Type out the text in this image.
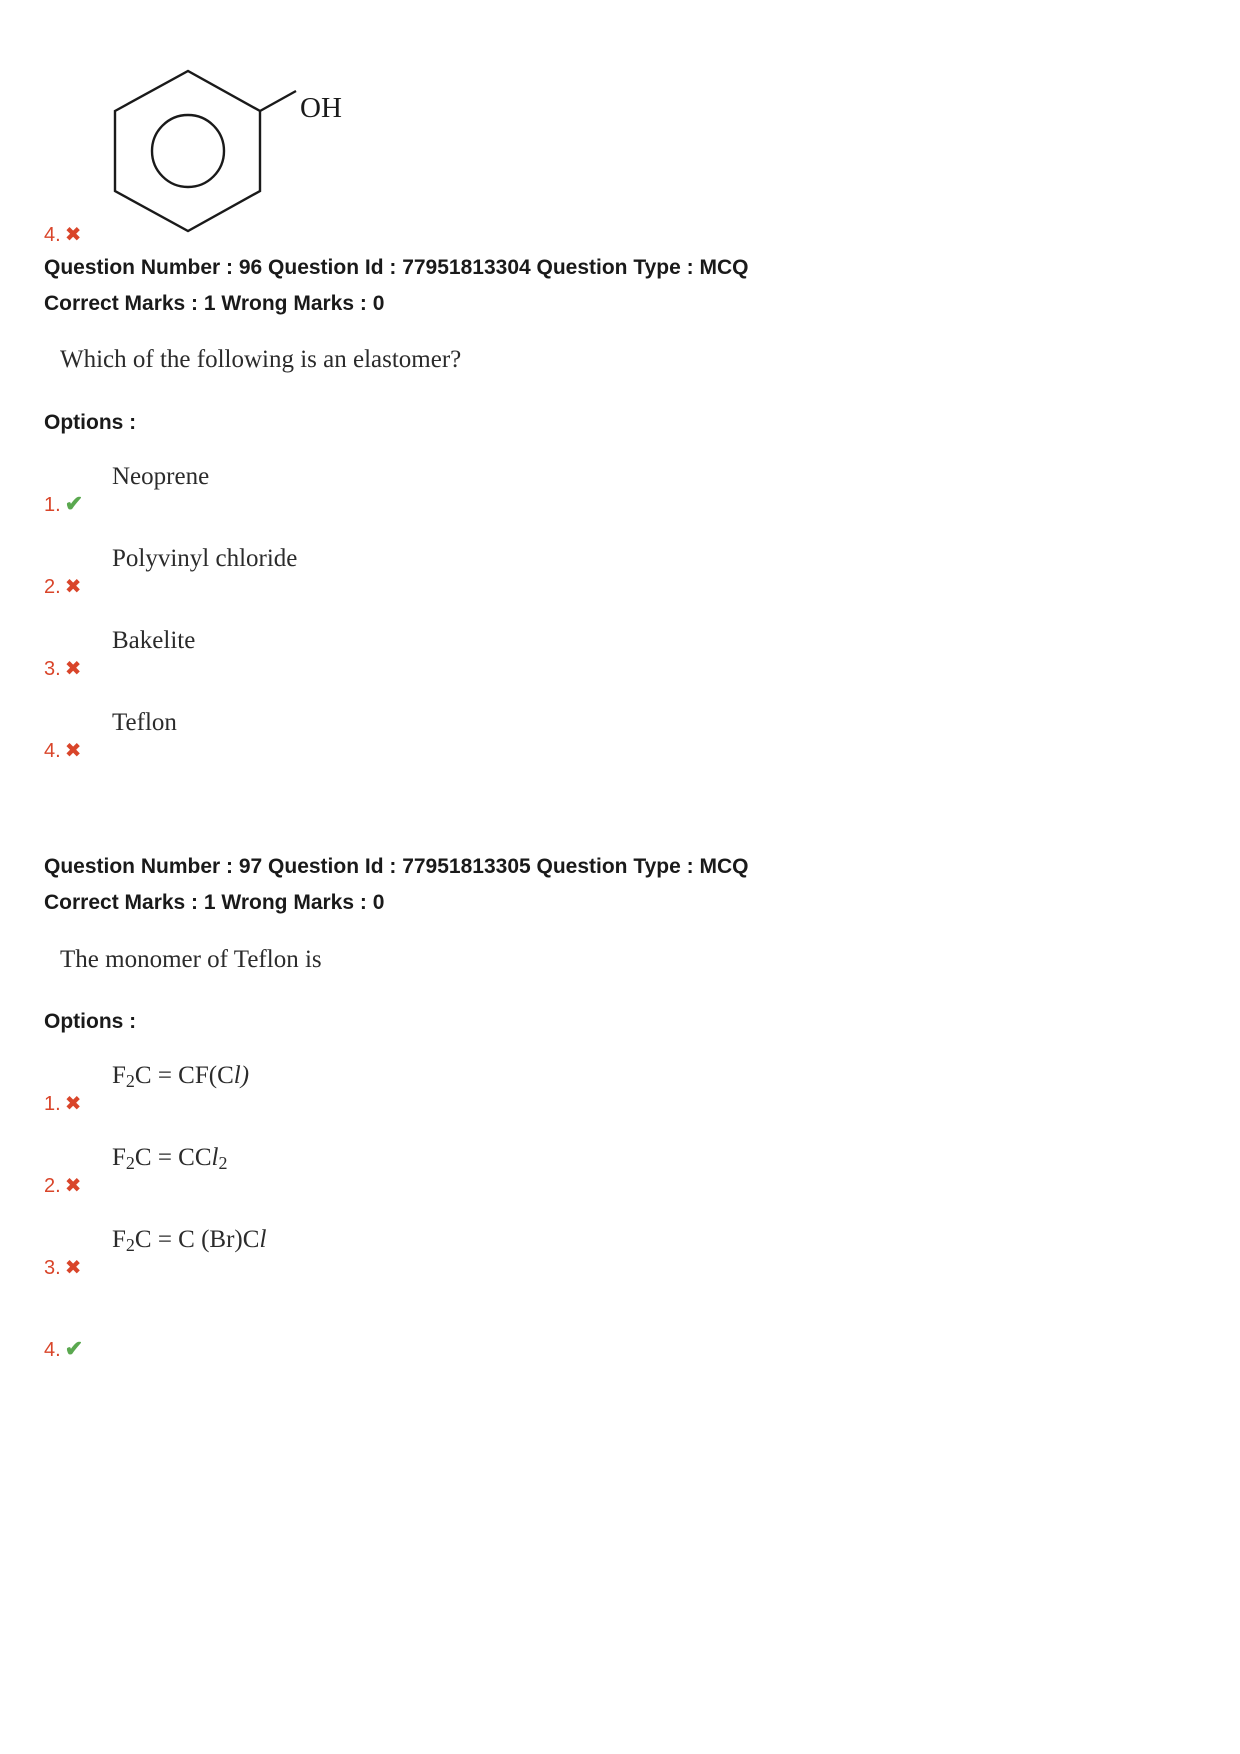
4. ✖
OH
Question Number : 96 Question Id : 77951813304 Question Type : MCQ
Correct Marks : 1 Wrong Marks : 0
Which of the following is an elastomer?
Options :
1. ✔
Neoprene
2. ✖
Polyvinyl chloride
3. ✖
Bakelite
4. ✖
Teflon
Question Number : 97 Question Id : 77951813305 Question Type : MCQ
Correct Marks : 1 Wrong Marks : 0
The monomer of Teflon is
Options :
1. ✖
$F_2C = CF(Cl)$
2. ✖
$F_2C = CCl_2$
3. ✖
$F_2C = C$ (Br)Cl
4. ✔
